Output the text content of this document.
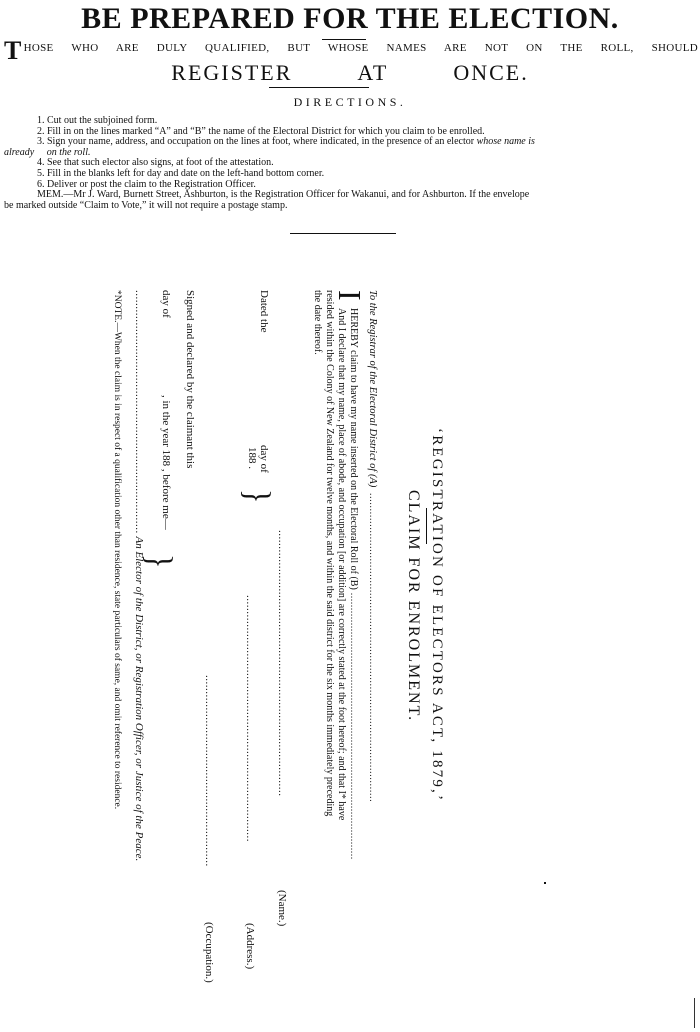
BE PREPARED FOR THE ELECTION.
T HOSE WHO ARE DULY QUALIFIED, BUT WHOSE NAMES ARE NOT ON THE ROLL, SHOULD
REGISTER	AT	ONCE.
DIRECTIONS.
1. Cut out the subjoined form.
2. Fill in on the lines marked “A” and “B” the name of the Electoral District for which you claim to be enrolled.
3. Sign your name, address, and occupation on the lines at foot, where indicated, in the presence of an elector whose name is
already on the roll.
4. See that such elector also signs, at foot of the attestation.
5. Fill in the blanks left for day and date on the left-hand bottom corner.
6. Deliver or post the claim to the Registration Officer.
MEM.—Mr J. Ward, Burnett Street, Ashburton, is the Registration Officer for Wakanui, and for Ashburton. If the envelope
be marked outside “Claim to Vote,” it will not require a postage stamp.
‘REGISTRATION OF ELECTORS ACT, 1879,’
CLAIM FOR ENROLMENT.
To the Registrar of the Electoral District of (A)  ...................................................................................................
I
HEREBY claim to have my name inserted on the Electoral Roll of (B) .........................................................................................
And I declare that my name, place of abode, and occupation [or addition] are correctly stated at the foot hereof; and that I* have
resided within the Colony of New Zealand for twelve months, and within the said district for the six months immediately preceding
the date thereof.
Dated the
day of
188 .
}
..................................................................................
(Name.)
............................................................................
(Address.)
...........................................................
(Occupation.)
Signed and declared by the claimant this
day of
, in the year 188 , before me—
}
........................................................................... An Elector of the District, or Registration Officer, or Justice of the Peace.
*NOTE.—When the claim is in respect of a qualification other than residence, state particulars of same, and omit reference to residence.
